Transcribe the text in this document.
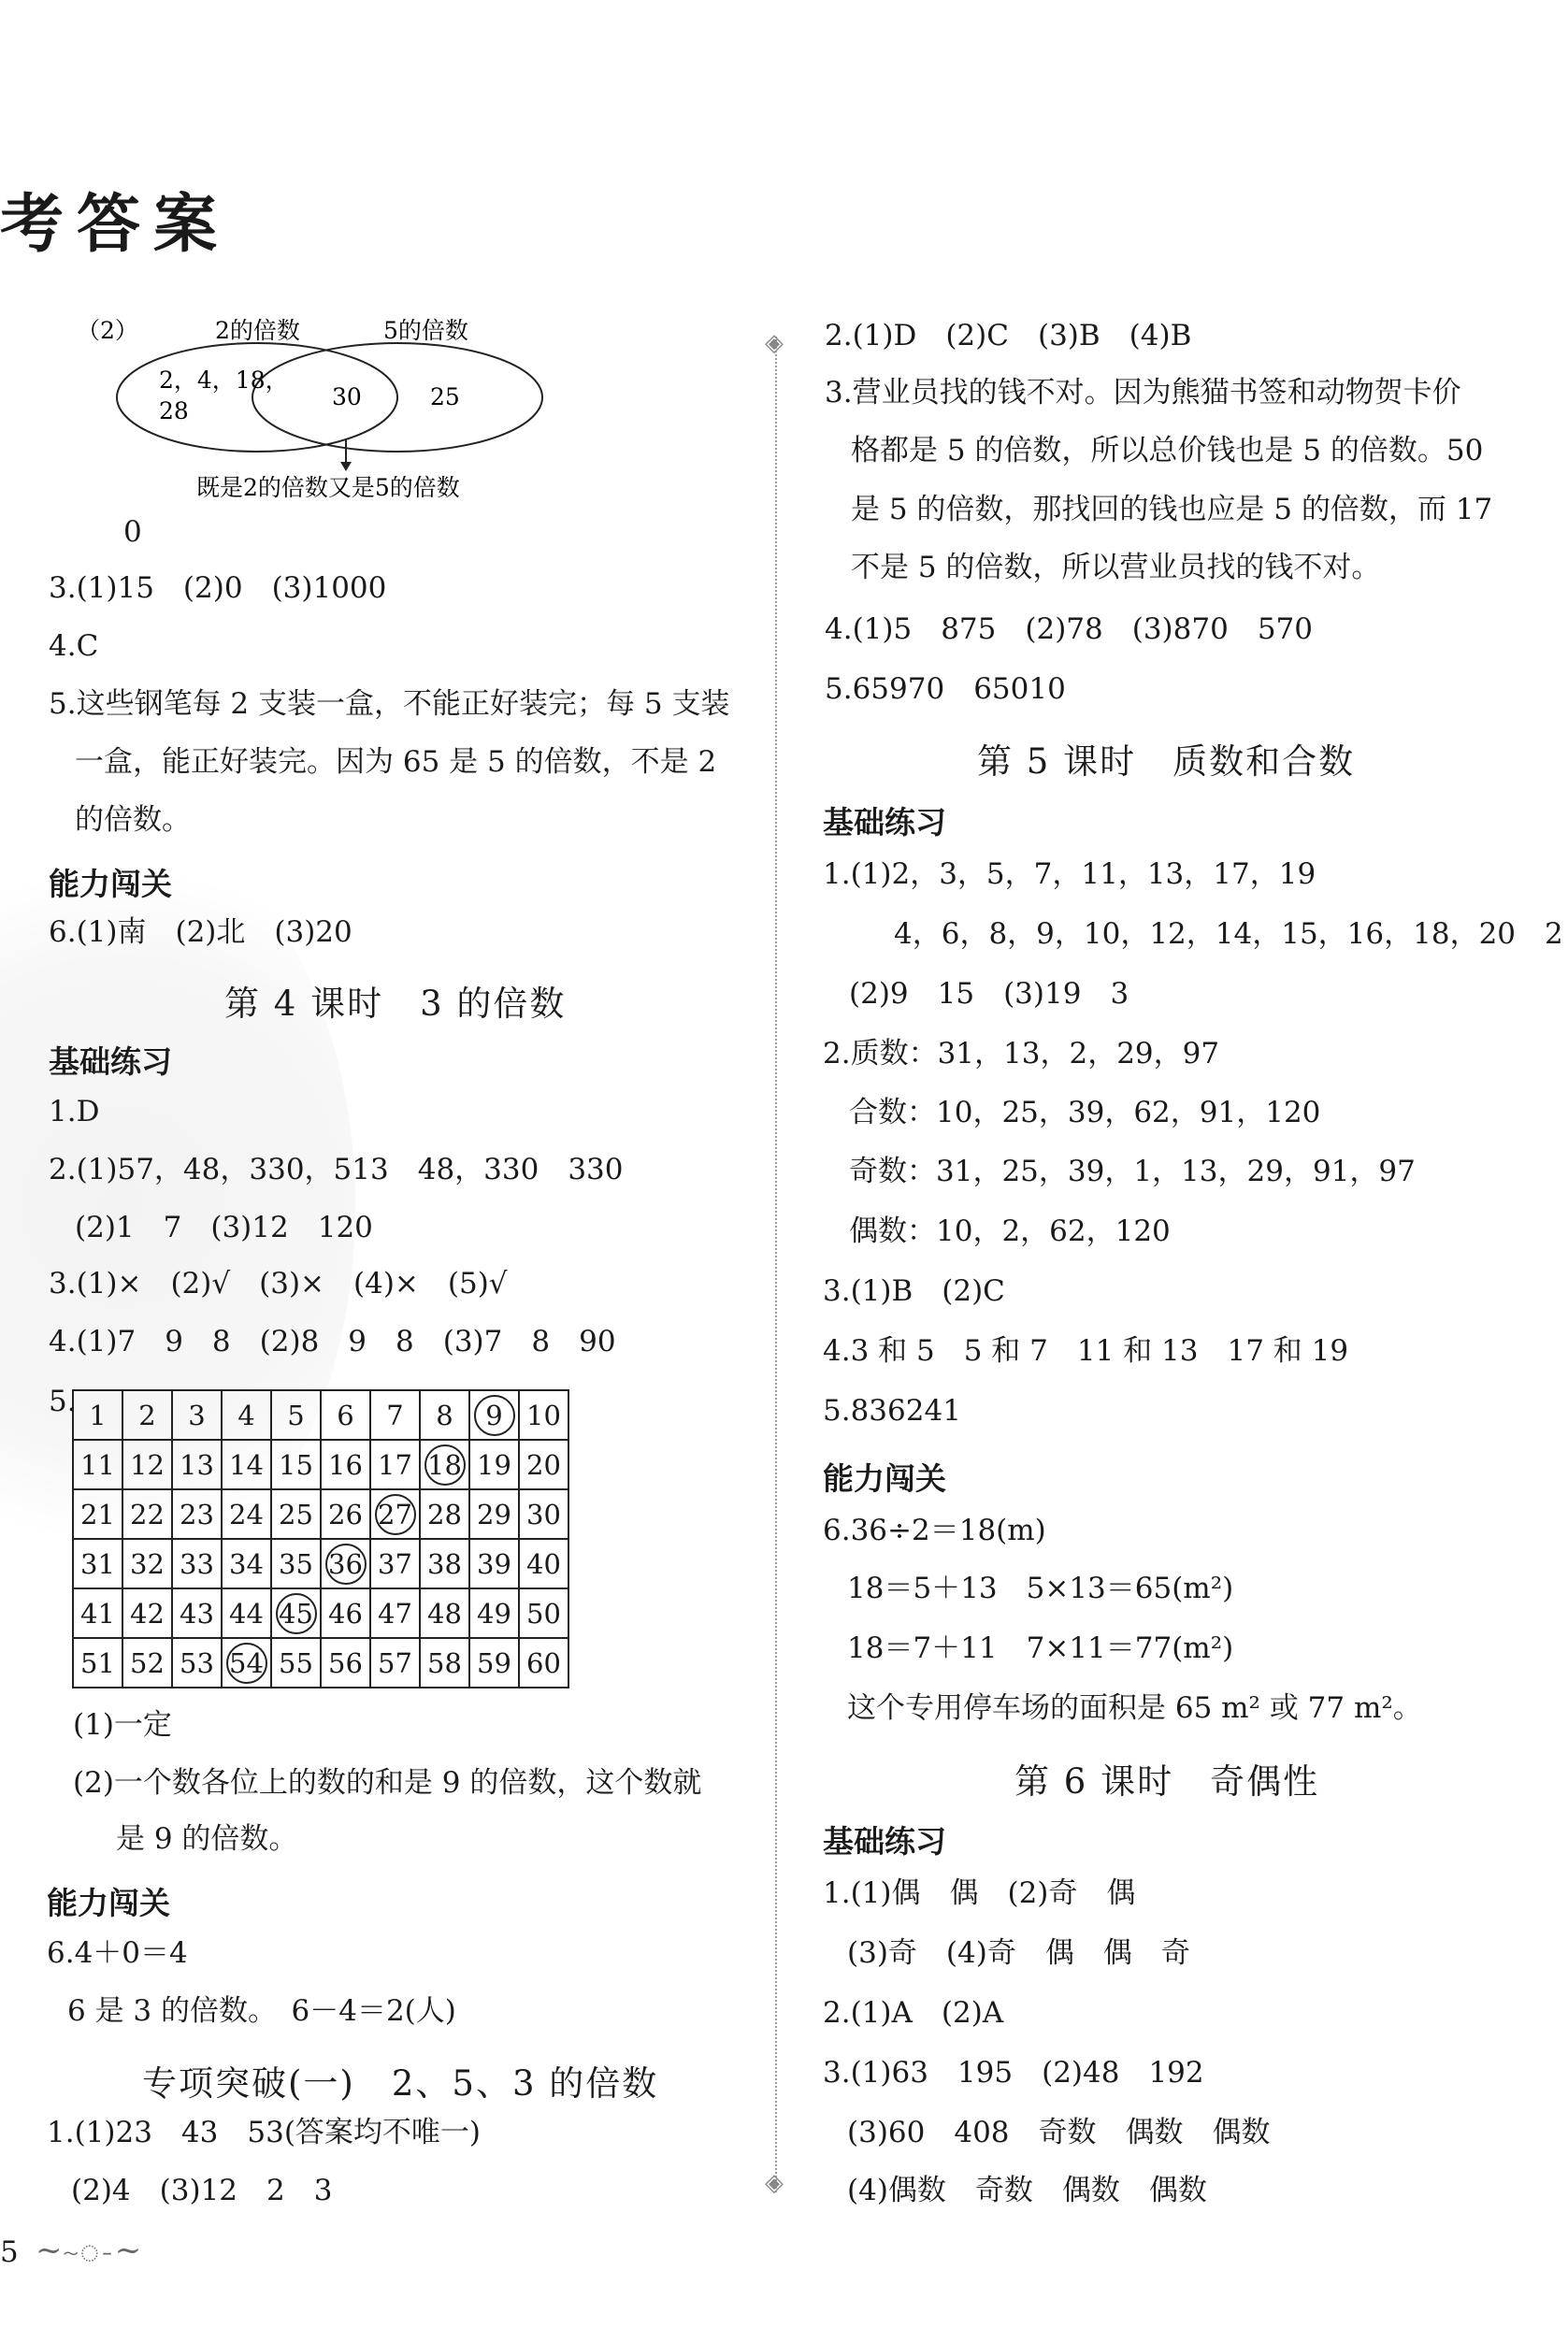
考答案
（2）	2的倍数	5的倍数
2，4，18，
28
30	25
既是2的倍数又是5的倍数
0
3.(1)15　(2)0　(3)1000
4.C
5.这些钢笔每 2 支装一盒，不能正好装完；每 5 支装
一盒，能正好装完。因为 65 是 5 的倍数，不是 2
的倍数。
能力闯关
6.(1)南　(2)北　(3)20
第 4 课时　3 的倍数
基础练习
1.D
2.(1)57，48，330，513　48，330　330
(2)1　7　(3)12　120
3.(1)×　(2)√　(3)×　(4)×　(5)√
4.(1)7　9　8　(2)8　9　8　(3)7　8　90
5. 1	2	3	4	5	6	7	8	9	10
11	12	13	14	15	16	17	18	19	20
21	22	23	24	25	26	27	28	29	30
31	32	33	34	35	36	37	38	39	40
41	42	43	44	45	46	47	48	49	50
51	52	53	54	55	56	57	58	59	60
(1)一定
(2)一个数各位上的数的和是 9 的倍数，这个数就
是 9 的倍数。
能力闯关
6.4＋0＝4
6 是 3 的倍数。　6－4＝2(人)
专项突破(一)　2、5、3 的倍数
1.(1)23　43　53(答案均不唯一)
(2)4　(3)12　2　3
5 ~~ꩽ~
◈
◈
2.(1)D　(2)C　(3)B　(4)B
3.营业员找的钱不对。因为熊猫书签和动物贺卡价
格都是 5 的倍数，所以总价钱也是 5 的倍数。50
是 5 的倍数，那找回的钱也应是 5 的倍数，而 17
不是 5 的倍数，所以营业员找的钱不对。
4.(1)5　875　(2)78　(3)870　570
5.65970　65010
第 5 课时　质数和合数
基础练习
1.(1)2，3，5，7，11，13，17，19
4，6，8，9，10，12，14，15，16，18，20　2
(2)9　15　(3)19　3
2.质数：31，13，2，29，97
合数：10，25，39，62，91，120
奇数：31，25，39，1，13，29，91，97
偶数：10，2，62，120
3.(1)B　(2)C
4.3 和 5　5 和 7　11 和 13　17 和 19
5.836241
能力闯关
6.36÷2＝18(m)
18＝5＋13　5×13＝65(m²)
18＝7＋11　7×11＝77(m²)
这个专用停车场的面积是 65 m² 或 77 m²。
第 6 课时　奇偶性
基础练习
1.(1)偶　偶　(2)奇　偶
(3)奇　(4)奇　偶　偶　奇
2.(1)A　(2)A
3.(1)63　195　(2)48　192
(3)60　408　奇数　偶数　偶数
(4)偶数　奇数　偶数　偶数
